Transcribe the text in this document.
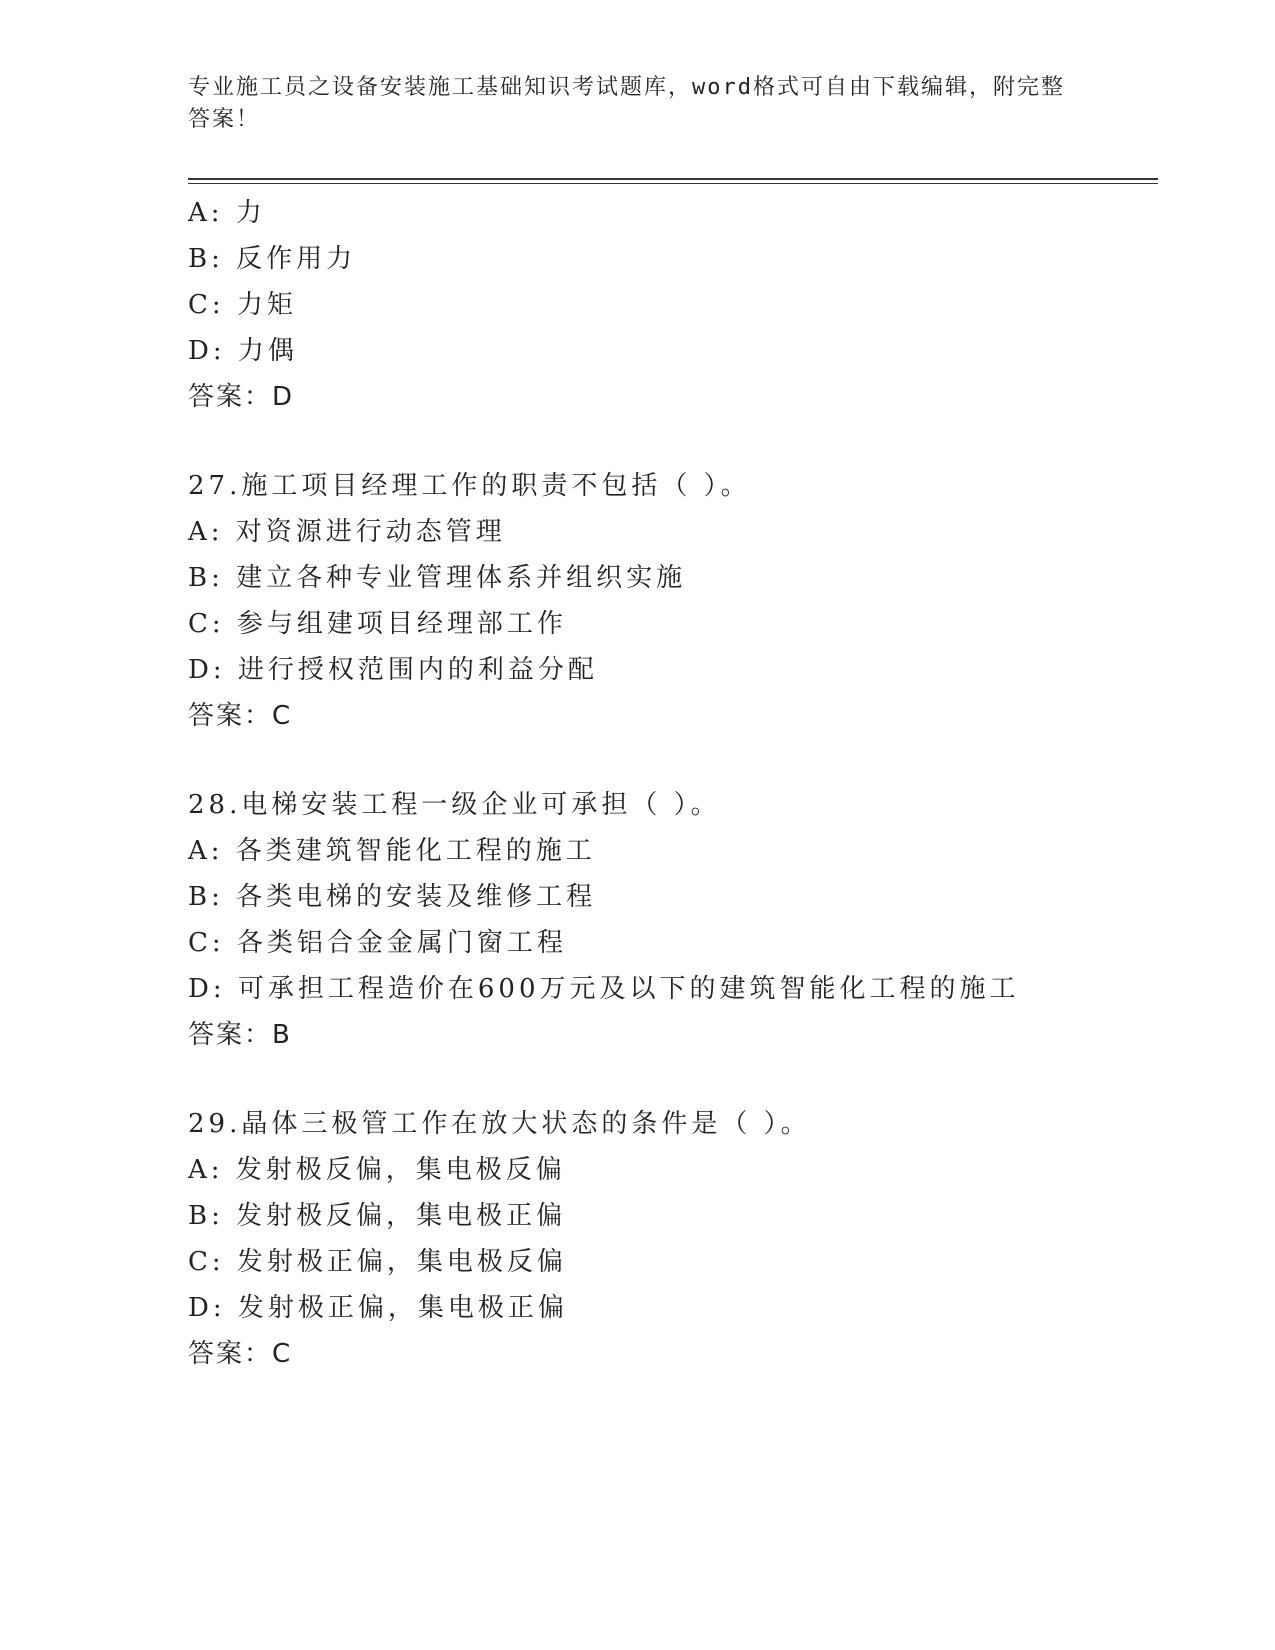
专业施工员之设备安装施工基础知识考试题库，word格式可自由下载编辑，附完整答案！
A: 力
B: 反作用力
C: 力矩
D: 力偶
答案：D
27.施工项目经理工作的职责不包括（ ）。
A: 对资源进行动态管理
B: 建立各种专业管理体系并组织实施
C: 参与组建项目经理部工作
D: 进行授权范围内的利益分配
答案：C
28.电梯安装工程一级企业可承担（ ）。
A: 各类建筑智能化工程的施工
B: 各类电梯的安装及维修工程
C: 各类铝合金金属门窗工程
D: 可承担工程造价在600万元及以下的建筑智能化工程的施工
答案：B
29.晶体三极管工作在放大状态的条件是（ ）。
A: 发射极反偏，集电极反偏
B: 发射极反偏，集电极正偏
C: 发射极正偏，集电极反偏
D: 发射极正偏，集电极正偏
答案：C
